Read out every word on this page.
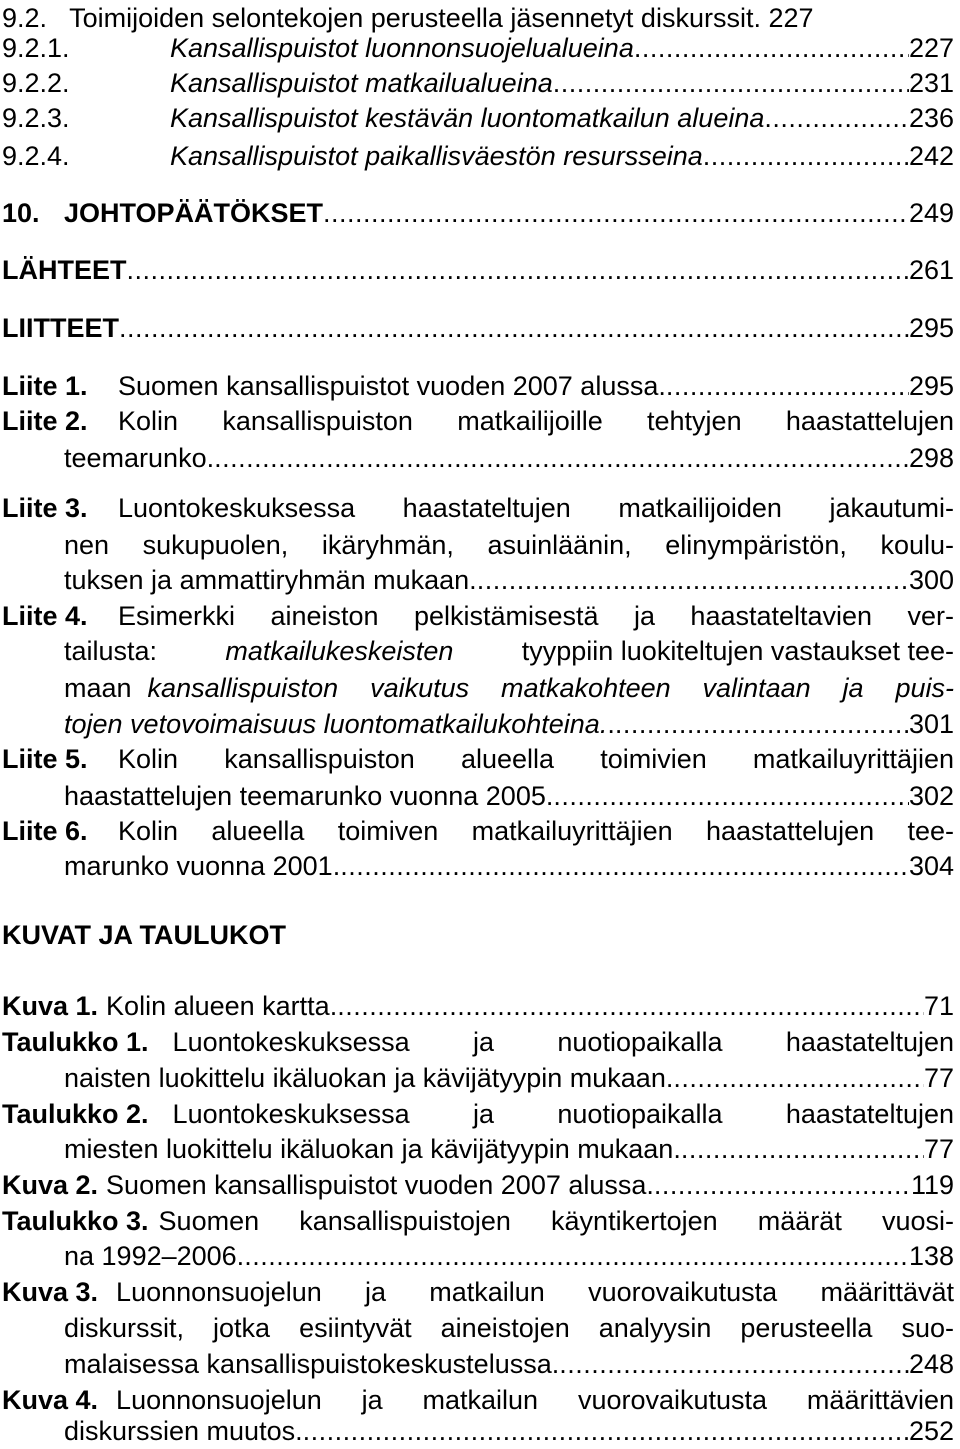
9.2. Toimijoiden selontekojen perusteella jäsennetyt diskurssit. 227
9.2.1.	Kansallispuistot luonnonsuojelualueina .....	227
9.2.2.	Kansallispuistot matkailualueina .....	231
9.2.3.	Kansallispuistot kestävän luontomatkailun alueina .....	236
9.2.4.	Kansallispuistot paikallisväestön resursseina .....	242
10. JOHTOPÄÄTÖKSET .....	249
LÄHTEET .....	261
LIITTEET .....	295
Liite 1.	Suomen kansallispuistot vuoden 2007 alussa. .....	295
Liite 2.	Kolin kansallispuiston matkailijoille tehtyjen haastattelujen
teemarunko. .....	298
Liite 3.	Luontokeskuksessa haastateltujen matkailijoiden jakautumi-
nen sukupuolen, ikäryhmän, asuinläänin, elinympäristön, koulu-
tuksen ja ammattiryhmän mukaan. .....	300
Liite 4.	Esimerkki aineiston pelkistämisestä ja haastateltavien ver-
tailusta:	matkailukeskeisten	tyyppiin luokiteltujen vastaukset tee-
maan kansallispuiston vaikutus matkakohteen valintaan ja puis-
tojen vetovoimaisuus luontomatkailukohteina. . .....	301
Liite 5.	Kolin kansallispuiston alueella toimivien matkailuyrittäjien
haastattelujen teemarunko vuonna 2005. .....	302
Liite 6.	Kolin alueella toimiven matkailuyrittäjien haastattelujen tee-
marunko vuonna 2001. .....	304
KUVAT JA TAULUKOT
Kuva 1. Kolin alueen kartta. .....	71
Taulukko 1. Luontokeskuksessa ja nuotiopaikalla haastateltujen
naisten luokittelu ikäluokan ja kävijätyypin mukaan. .....	77
Taulukko 2. Luontokeskuksessa ja nuotiopaikalla haastateltujen
miesten luokittelu ikäluokan ja kävijätyypin mukaan. .....	77
Kuva 2. Suomen kansallispuistot vuoden 2007 alussa. .....	119
Taulukko 3. Suomen kansallispuistojen käyntikertojen määrät vuosi-
na 1992–2006. .....	138
Kuva 3. Luonnonsuojelun ja matkailun vuorovaikutusta määrittävät
diskurssit, jotka esiintyvät aineistojen analyysin perusteella suo-
malaisessa kansallispuistokeskustelussa. .....	248
Kuva 4. Luonnonsuojelun ja matkailun vuorovaikutusta määrittävien
diskurssien muutos. .....	252
